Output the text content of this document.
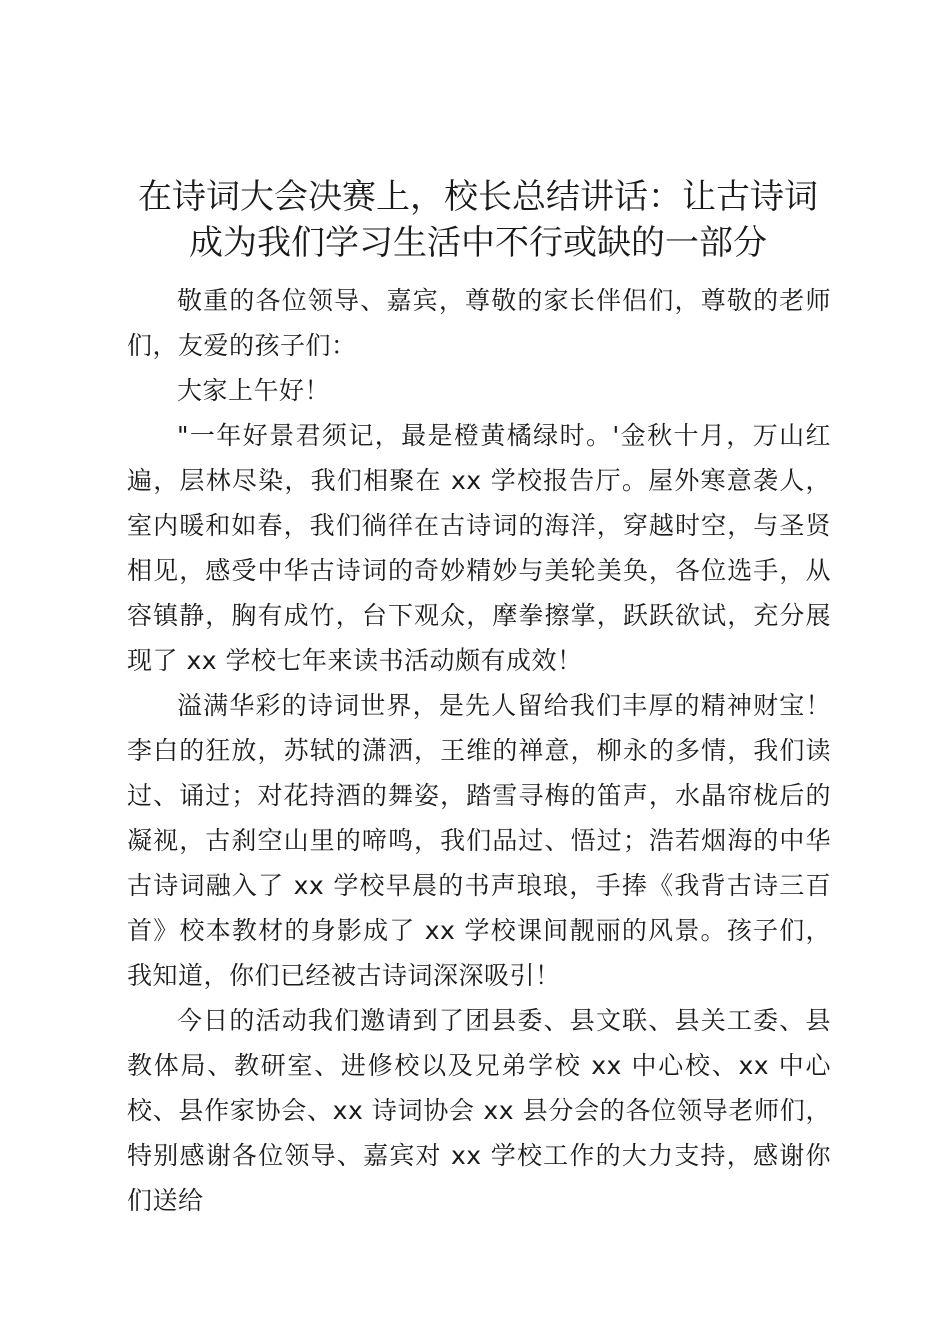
在诗词大会决赛上，校长总结讲话：让古诗词
成为我们学习生活中不行或缺的一部分

敬重的各位领导、嘉宾，尊敬的家长伴侣们，尊敬的老师们，友爱的孩子们：

大家上午好！

"一年好景君须记，最是橙黄橘绿时。'金秋十月，万山红遍，层林尽染，我们相聚在 xx 学校报告厅。屋外寒意袭人，室内暖和如春，我们徜徉在古诗词的海洋，穿越时空，与圣贤相见，感受中华古诗词的奇妙精妙与美轮美奂，各位选手，从容镇静，胸有成竹，台下观众，摩拳擦掌，跃跃欲试，充分展现了 xx 学校七年来读书活动颇有成效！

溢满华彩的诗词世界，是先人留给我们丰厚的精神财宝！李白的狂放，苏轼的潇洒，王维的禅意，柳永的多情，我们读过、诵过；对花持酒的舞姿，踏雪寻梅的笛声，水晶帘栊后的凝视，古刹空山里的啼鸣，我们品过、悟过；浩若烟海的中华古诗词融入了 xx 学校早晨的书声琅琅，手捧《我背古诗三百首》校本教材的身影成了 xx 学校课间靓丽的风景。孩子们，我知道，你们已经被古诗词深深吸引！

今日的活动我们邀请到了团县委、县文联、县关工委、县教体局、教研室、进修校以及兄弟学校 xx 中心校、xx 中心校、县作家协会、xx 诗词协会 xx 县分会的各位领导老师们，特别感谢各位领导、嘉宾对 xx 学校工作的大力支持，感谢你们送给
